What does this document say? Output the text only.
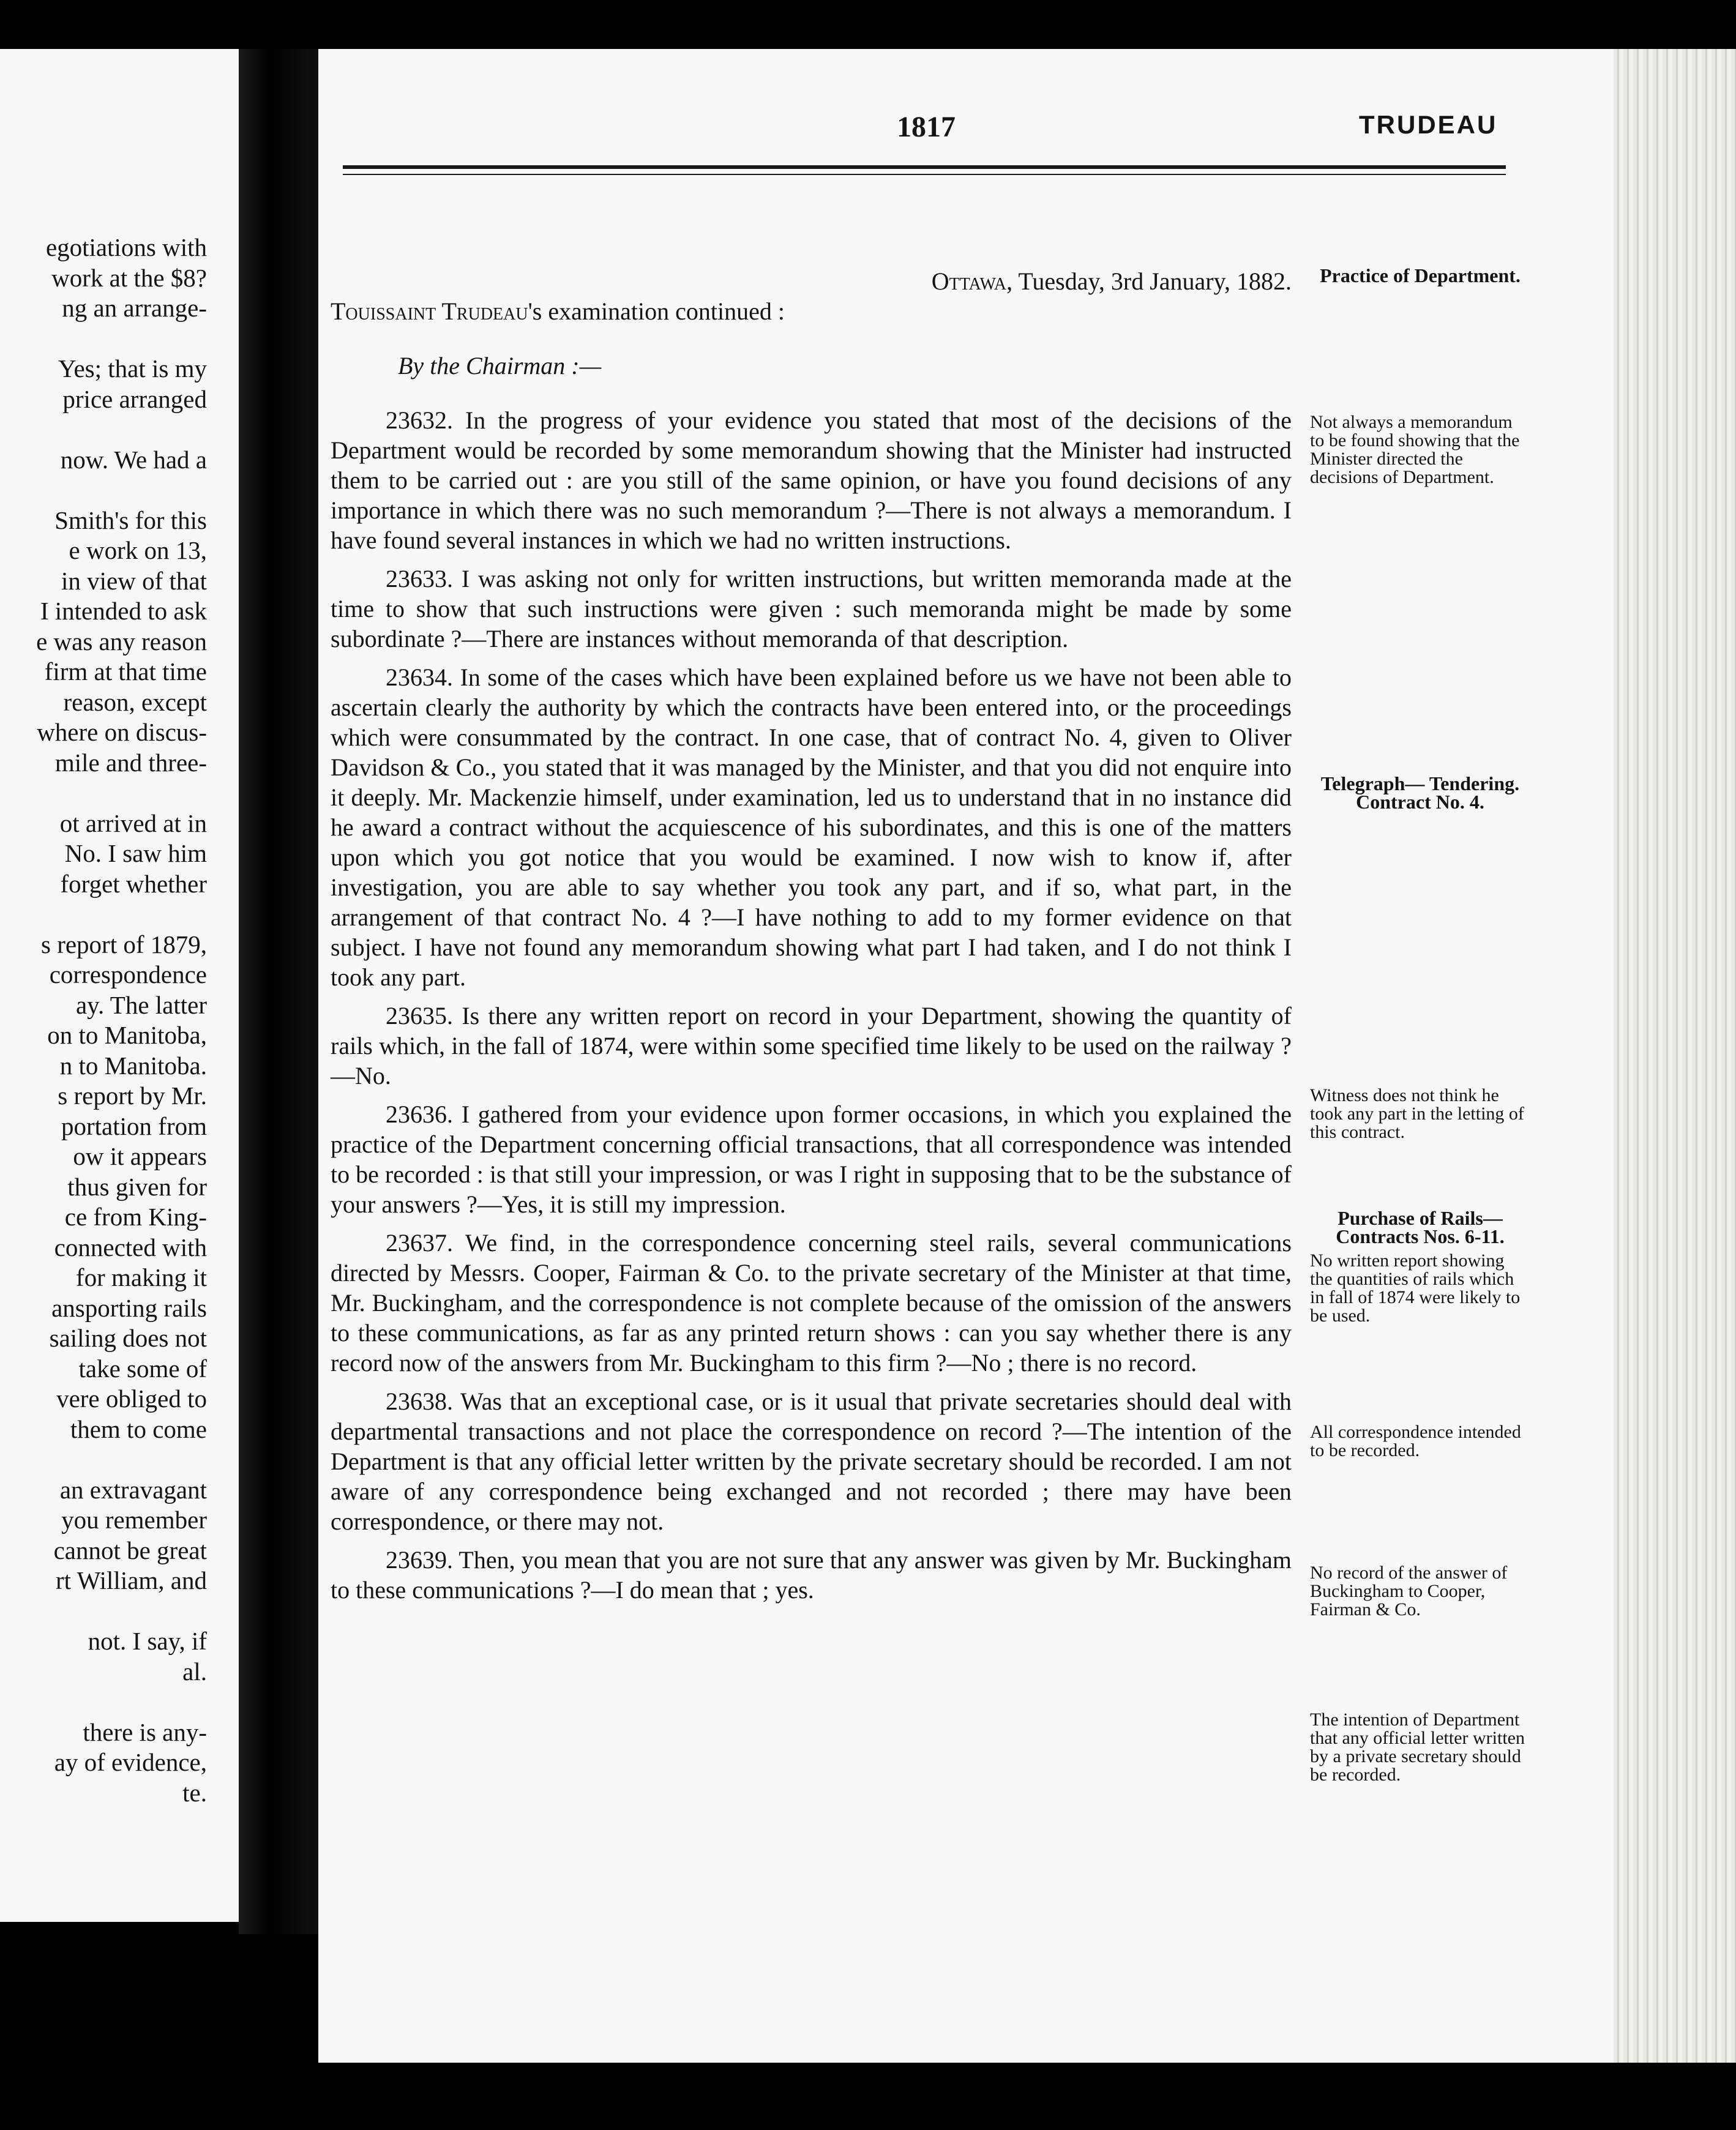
egotiations with
work at the $8?
ng an arrange-
Yes; that is my
price arranged
now. We had a
Smith's for this
e work on 13,
in view of that
I intended to ask
e was any reason
firm at that time
reason, except
where on discus-
mile and three-
ot arrived at in
No. I saw him
forget whether
s report of 1879,
correspondence
ay. The latter
on to Manitoba,
n to Manitoba.
s report by Mr.
portation from
ow it appears
thus given for
ce from King-
connected with
for making it
ansporting rails
sailing does not
take some of
vere obliged to
them to come
an extravagant
you remember
cannot be great
rt William, and
not. I say, if
al.
there is any-
ay of evidence,
te.
1817	TRUDEAU

Ottawa, Tuesday, 3rd January, 1882.

Touissaint Trudeau's examination continued :

By the Chairman :—

23632. In the progress of your evidence you stated that most of the decisions of the Department would be recorded by some memorandum showing that the Minister had instructed them to be carried out : are you still of the same opinion, or have you found decisions of any importance in which there was no such memorandum ?—There is not always a memorandum. I have found several instances in which we had no written instructions.

23633. I was asking not only for written instructions, but written memoranda made at the time to show that such instructions were given : such memoranda might be made by some subordinate ?—There are instances without memoranda of that description.

23634. In some of the cases which have been explained before us we have not been able to ascertain clearly the authority by which the contracts have been entered into, or the proceedings which were consummated by the contract. In one case, that of contract No. 4, given to Oliver Davidson & Co., you stated that it was managed by the Minister, and that you did not enquire into it deeply. Mr. Mackenzie himself, under examination, led us to understand that in no instance did he award a contract without the acquiescence of his subordinates, and this is one of the matters upon which you got notice that you would be examined. I now wish to know if, after investigation, you are able to say whether you took any part, and if so, what part, in the arrangement of that contract No. 4 ?—I have nothing to add to my former evidence on that subject. I have not found any memorandum showing what part I had taken, and I do not think I took any part.

23635. Is there any written report on record in your Department, showing the quantity of rails which, in the fall of 1874, were within some specified time likely to be used on the railway ?—No.

23636. I gathered from your evidence upon former occasions, in which you explained the practice of the Department concerning official transactions, that all correspondence was intended to be recorded : is that still your impression, or was I right in supposing that to be the substance of your answers ?—Yes, it is still my impression.

23637. We find, in the correspondence concerning steel rails, several communications directed by Messrs. Cooper, Fairman & Co. to the private secretary of the Minister at that time, Mr. Buckingham, and the correspondence is not complete because of the omission of the answers to these communications, as far as any printed return shows : can you say whether there is any record now of the answers from Mr. Buckingham to this firm ?—No ; there is no record.

23638. Was that an exceptional case, or is it usual that private secretaries should deal with departmental transactions and not place the correspondence on record ?—The intention of the Department is that any official letter written by the private secretary should be recorded. I am not aware of any correspondence being exchanged and not recorded ; there may have been correspondence, or there may not.

23639. Then, you mean that you are not sure that any answer was given by Mr. Buckingham to these communications ?—I do mean that ; yes.

Practice of Department.
Not always a memorandum to be found showing that the Minister directed the decisions of Department.
Telegraph— Tendering. Contract No. 4.
Witness does not think he took any part in the letting of this contract.
Purchase of Rails— Contracts Nos. 6-11.
No written report showing the quantities of rails which in fall of 1874 were likely to be used.
All correspondence intended to be recorded.
No record of the answer of Buckingham to Cooper, Fairman & Co.
The intention of Department that any official letter written by a private secretary should be recorded.
